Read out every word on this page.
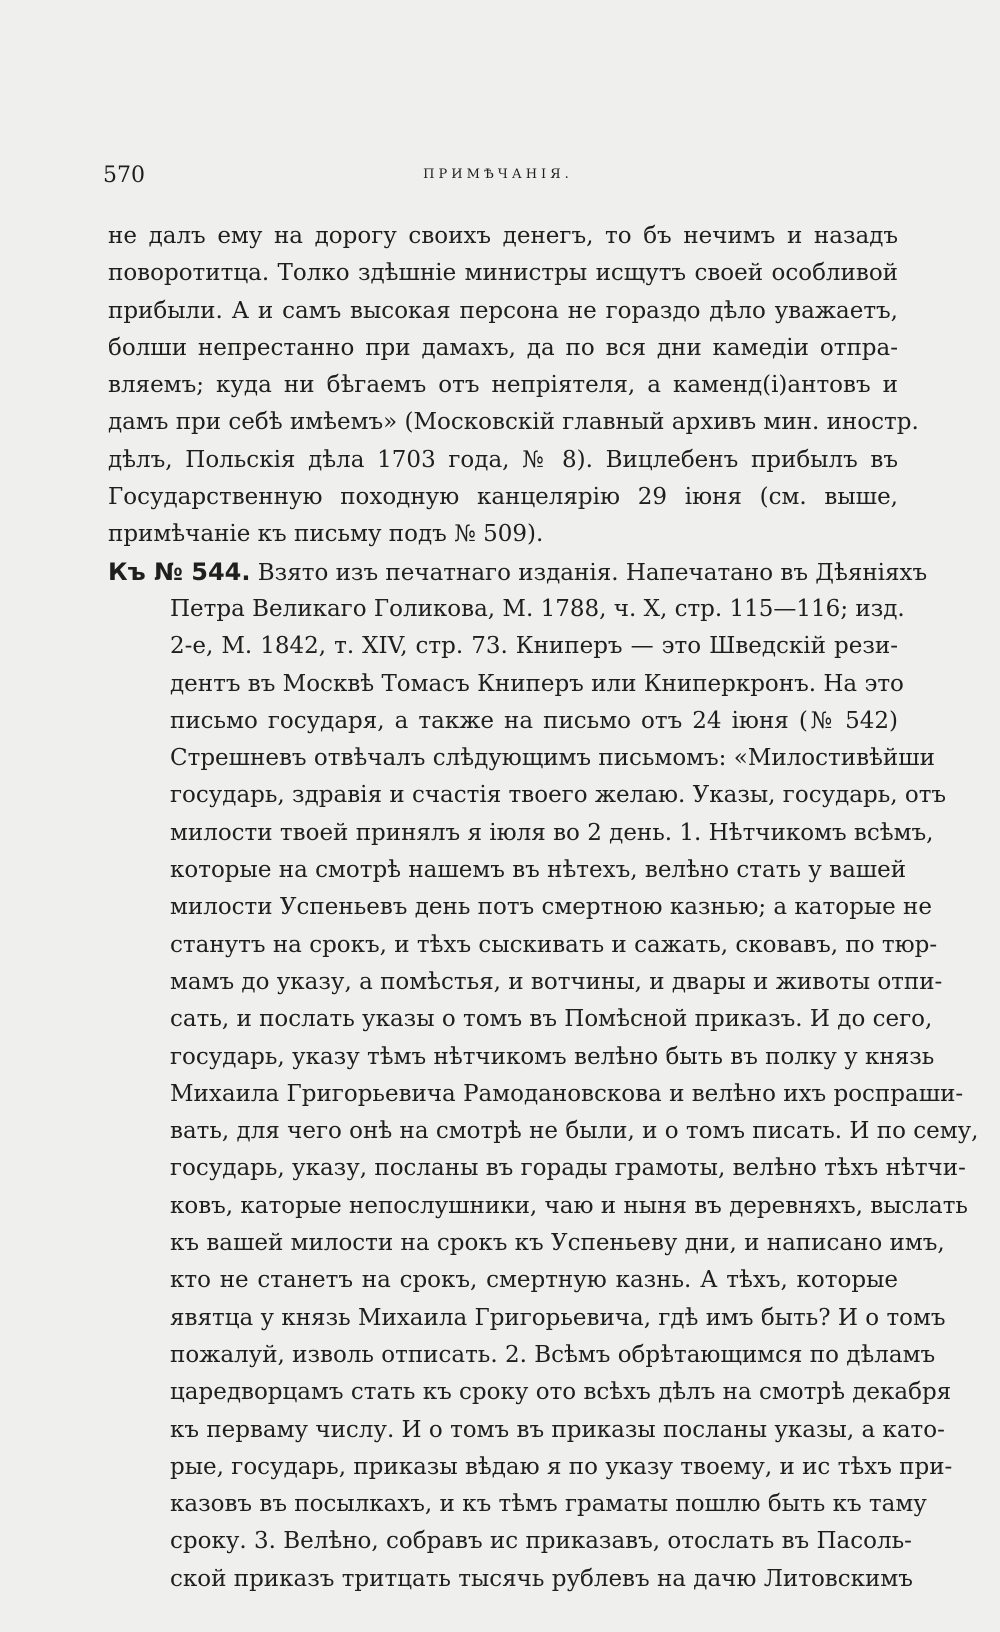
570	ПРИМѢЧАНІЯ.
не далъ ему на дорогу своихъ денегъ, то бъ нечимъ и назадъ
поворотитца. Толко здѣшніе министры исщутъ своей особливой
прибыли. А и самъ высокая персона не гораздо дѣло уважаетъ,
болши непрестанно при дамахъ, да по вся дни камедіи отпра-
вляемъ; куда ни бѣгаемъ отъ непріятеля, а каменд(і)антовъ и
дамъ при себѣ имѣемъ» (Московскій главный архивъ мин. иностр.
дѣлъ, Польскія дѣла 1703 года, № 8). Вицлебенъ прибылъ въ
Государственную походную канцелярію 29 іюня (см. выше,
примѣчаніе къ письму подъ № 509).
Къ № 544. Взято изъ печатнаго изданія. Напечатано въ Дѣяніяхъ
Петра Великаго Голикова, М. 1788, ч. X, стр. 115—116; изд.
2-е, М. 1842, т. XIV, стр. 73. Книперъ — это Шведскій рези-
дентъ въ Москвѣ Томасъ Книперъ или Книперкронъ. На это
письмо государя, а также на письмо отъ 24 іюня (№ 542)
Стрешневъ отвѣчалъ слѣдующимъ письмомъ: «Милостивѣйши
государь, здравія и счастія твоего желаю. Указы, государь, отъ
милости твоей принялъ я іюля во 2 день. 1. Нѣтчикомъ всѣмъ,
которые на смотрѣ нашемъ въ нѣтехъ, велѣно стать у вашей
милости Успеньевъ день потъ смертною казнью; а каторые не
станутъ на срокъ, и тѣхъ сыскивать и сажать, сковавъ, по тюр-
мамъ до указу, а помѣстья, и вотчины, и двары и животы отпи-
сать, и послать указы о томъ въ Помѣсной приказъ. И до сего,
государь, указу тѣмъ нѣтчикомъ велѣно быть въ полку у князь
Михаила Григорьевича Рамодановскова и велѣно ихъ роспраши-
вать, для чего онѣ на смотрѣ не были, и о томъ писать. И по сему,
государь, указу, посланы въ горады грамоты, велѣно тѣхъ нѣтчи-
ковъ, каторые непослушники, чаю и ныня въ деревняхъ, выслать
къ вашей милости на срокъ къ Успеньеву дни, и написано имъ,
кто не станетъ на срокъ, смертную казнь. А тѣхъ, которые
явятца у князь Михаила Григорьевича, гдѣ имъ быть? И о томъ
пожалуй, изволь отписать. 2. Всѣмъ обрѣтающимся по дѣламъ
царедворцамъ стать къ сроку ото всѣхъ дѣлъ на смотрѣ декабря
къ перваму числу. И о томъ въ приказы посланы указы, а като-
рые, государь, приказы вѣдаю я по указу твоему, и ис тѣхъ при-
казовъ въ посылкахъ, и къ тѣмъ граматы пошлю быть къ таму
сроку. 3. Велѣно, собравъ ис приказавъ, отослать въ Пасоль-
ской приказъ тритцать тысячь рублевъ на дачю Литовскимъ
